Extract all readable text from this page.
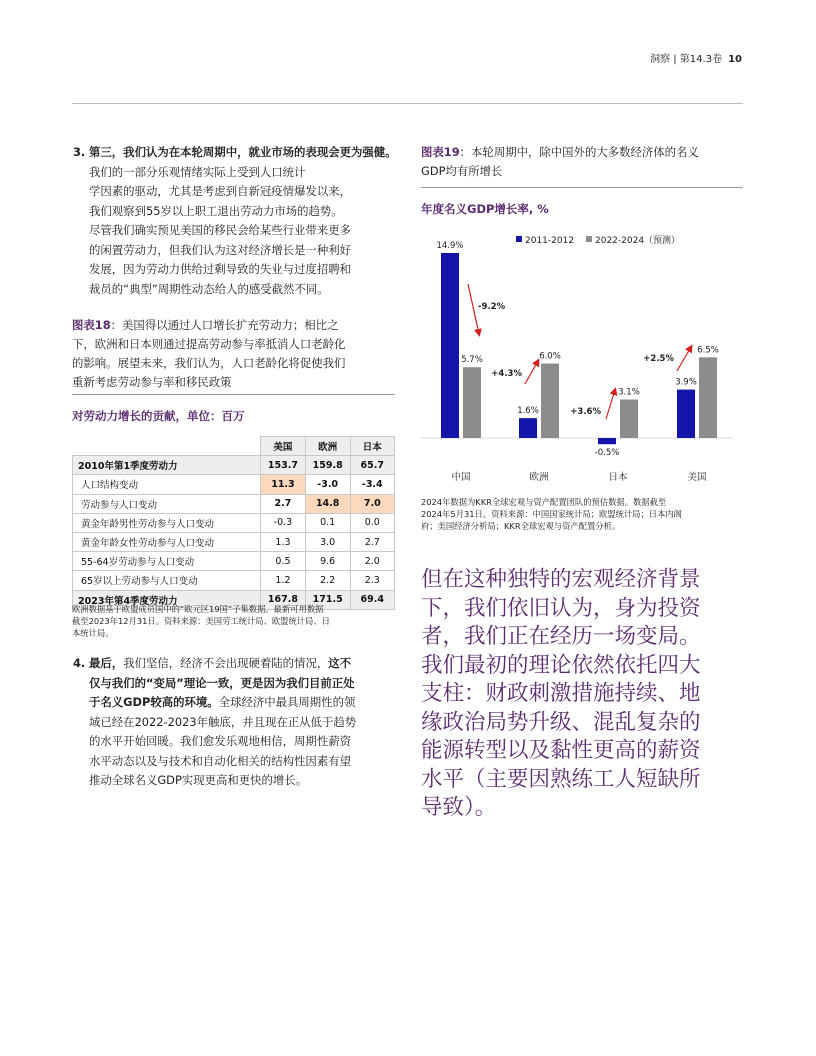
洞察 | 第14.3卷 10
3. 第三，我们认为在本轮周期中，就业市场的表现会更为强健。我们的一部分乐观情绪实际上受到人口统计
学因素的驱动，尤其是考虑到自新冠疫情爆发以来，
我们观察到55岁以上职工退出劳动力市场的趋势。
尽管我们确实预见美国的移民会给某些行业带来更多
的闲置劳动力，但我们认为这对经济增长是一种利好
发展，因为劳动力供给过剩导致的失业与过度招聘和
裁员的“典型”周期性动态给人的感受截然不同。
图表18：美国得以通过人口增长扩充劳动力；相比之
下，欧洲和日本则通过提高劳动参与率抵消人口老龄化
的影响。展望未来，我们认为，人口老龄化将促使我们
重新考虑劳动参与率和移民政策
对劳动力增长的贡献，单位：百万
	美国	欧洲	日本
2010年第1季度劳动力	153.7	159.8	65.7
人口结构变动	11.3	-3.0	-3.4
劳动参与人口变动	2.7	14.8	7.0
黄金年龄男性劳动参与人口变动	-0.3	0.1	0.0
黄金年龄女性劳动参与人口变动	1.3	3.0	2.7
55-64岁劳动参与人口变动	0.5	9.6	2.0
65岁以上劳动参与人口变动	1.2	2.2	2.3
2023年第4季度劳动力	167.8	171.5	69.4
欧洲数据基于欧盟成员国中的“欧元区19国”子集数据。最新可用数据
截至2023年12月31日。资料来源：美国劳工统计局、欧盟统计局、日
本统计局。
4. 最后，我们坚信，经济不会出现硬着陆的情况，这不
仅与我们的“变局”理论一致，更是因为我们目前正处
于名义GDP较高的环境。全球经济中最具周期性的领
域已经在2022-2023年触底，并且现在正从低于趋势
的水平开始回暖。我们愈发乐观地相信，周期性薪资
水平动态以及与技术和自动化相关的结构性因素有望
推动全球名义GDP实现更高和更快的增长。
图表19：本轮周期中，除中国外的大多数经济体的名义
GDP均有所增长
年度名义GDP增长率, %
2011-2012 2022-2024（预测）
14.9%
5.7%
中国
1.6%
6.0%
欧洲
-0.5%
3.1%
日本
3.9%
6.5%
美国
-9.2%
+4.3%
+3.6%
+2.5%
2024年数据为KKR全球宏观与资产配置团队的预估数据。数据截至
2024年5月31日。资料来源：中国国家统计局；欧盟统计局；日本内阁
府；美国经济分析局；KKR全球宏观与资产配置分析。
但在这种独特的宏观经济背景
下，我们依旧认为，身为投资
者，我们正在经历一场变局。
我们最初的理论依然依托四大
支柱：财政刺激措施持续、地
缘政治局势升级、混乱复杂的
能源转型以及黏性更高的薪资
水平（主要因熟练工人短缺所
导致）。
